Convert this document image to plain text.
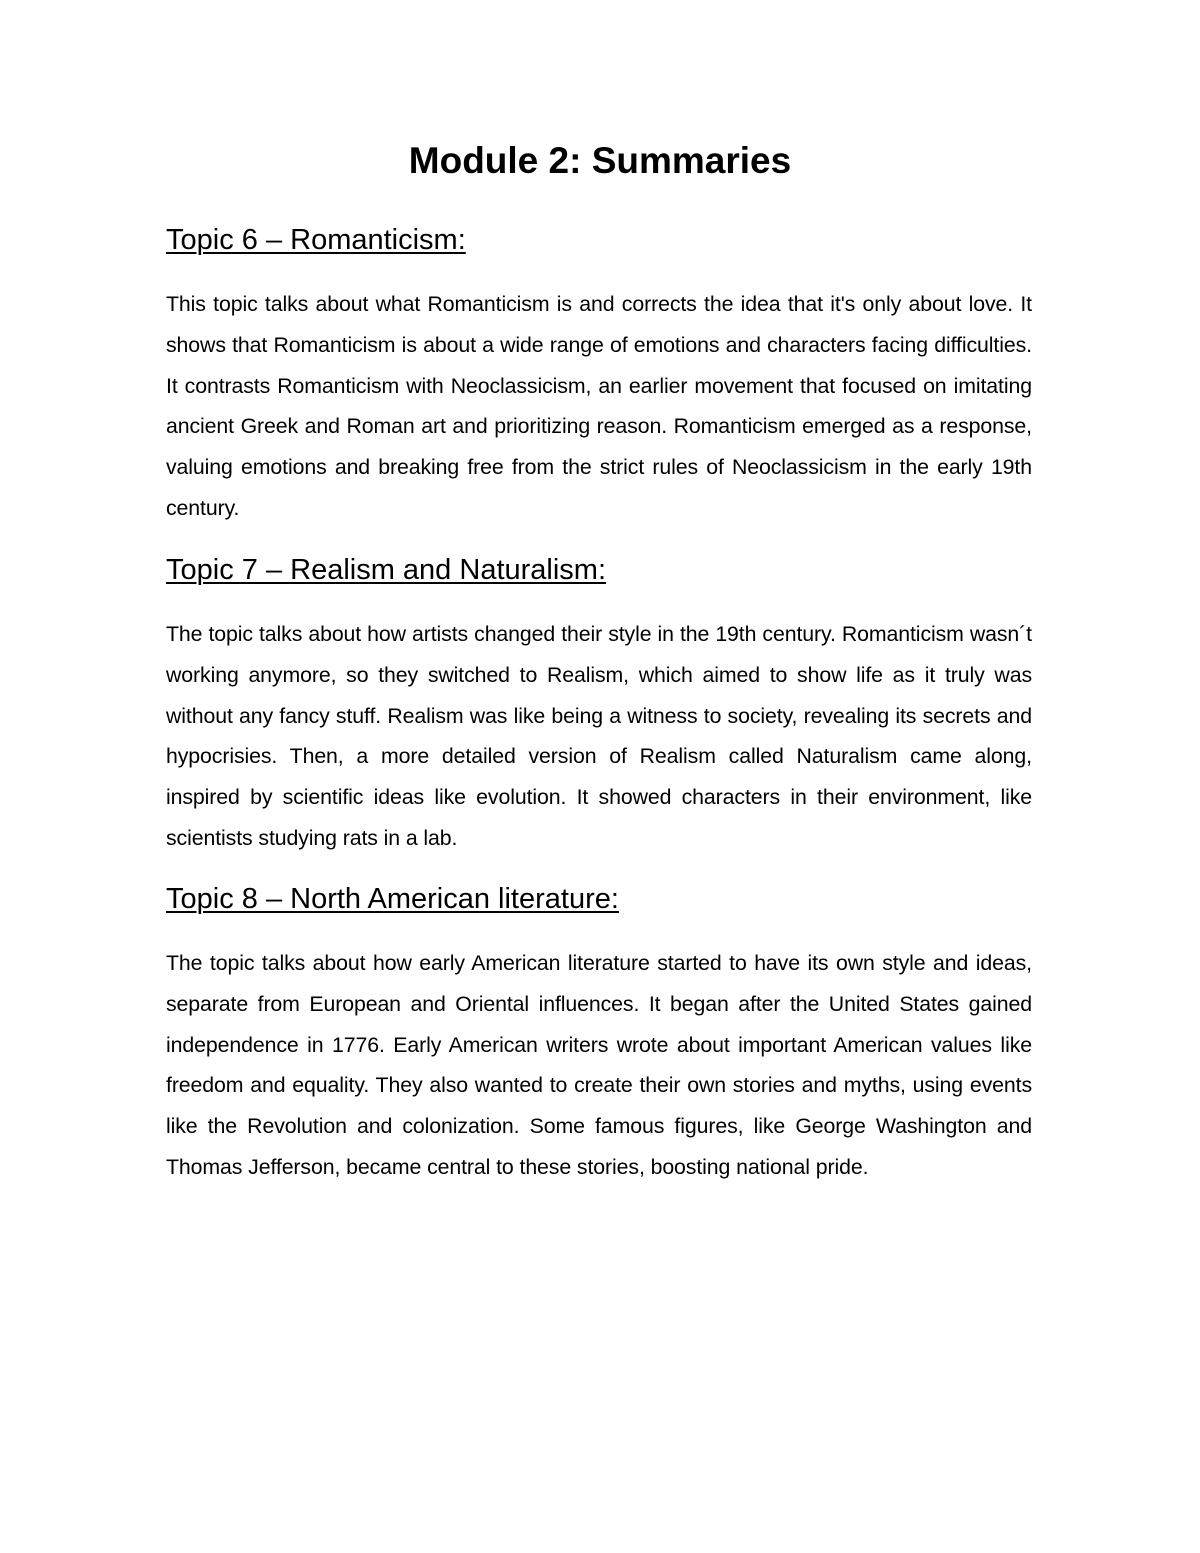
Module 2: Summaries
Topic 6 – Romanticism:

This topic talks about what Romanticism is and corrects the idea that it's only about love. It shows that Romanticism is about a wide range of emotions and characters facing difficulties. It contrasts Romanticism with Neoclassicism, an earlier movement that focused on imitating ancient Greek and Roman art and prioritizing reason. Romanticism emerged as a response, valuing emotions and breaking free from the strict rules of Neoclassicism in the early 19th century.

Topic 7 – Realism and Naturalism:

The topic talks about how artists changed their style in the 19th century. Romanticism wasn´t working anymore, so they switched to Realism, which aimed to show life as it truly was without any fancy stuff. Realism was like being a witness to society, revealing its secrets and hypocrisies. Then, a more detailed version of Realism called Naturalism came along, inspired by scientific ideas like evolution. It showed characters in their environment, like scientists studying rats in a lab.

Topic 8 – North American literature:

The topic talks about how early American literature started to have its own style and ideas, separate from European and Oriental influences. It began after the United States gained independence in 1776. Early American writers wrote about important American values like freedom and equality. They also wanted to create their own stories and myths, using events like the Revolution and colonization. Some famous figures, like George Washington and Thomas Jefferson, became central to these stories, boosting national pride.
